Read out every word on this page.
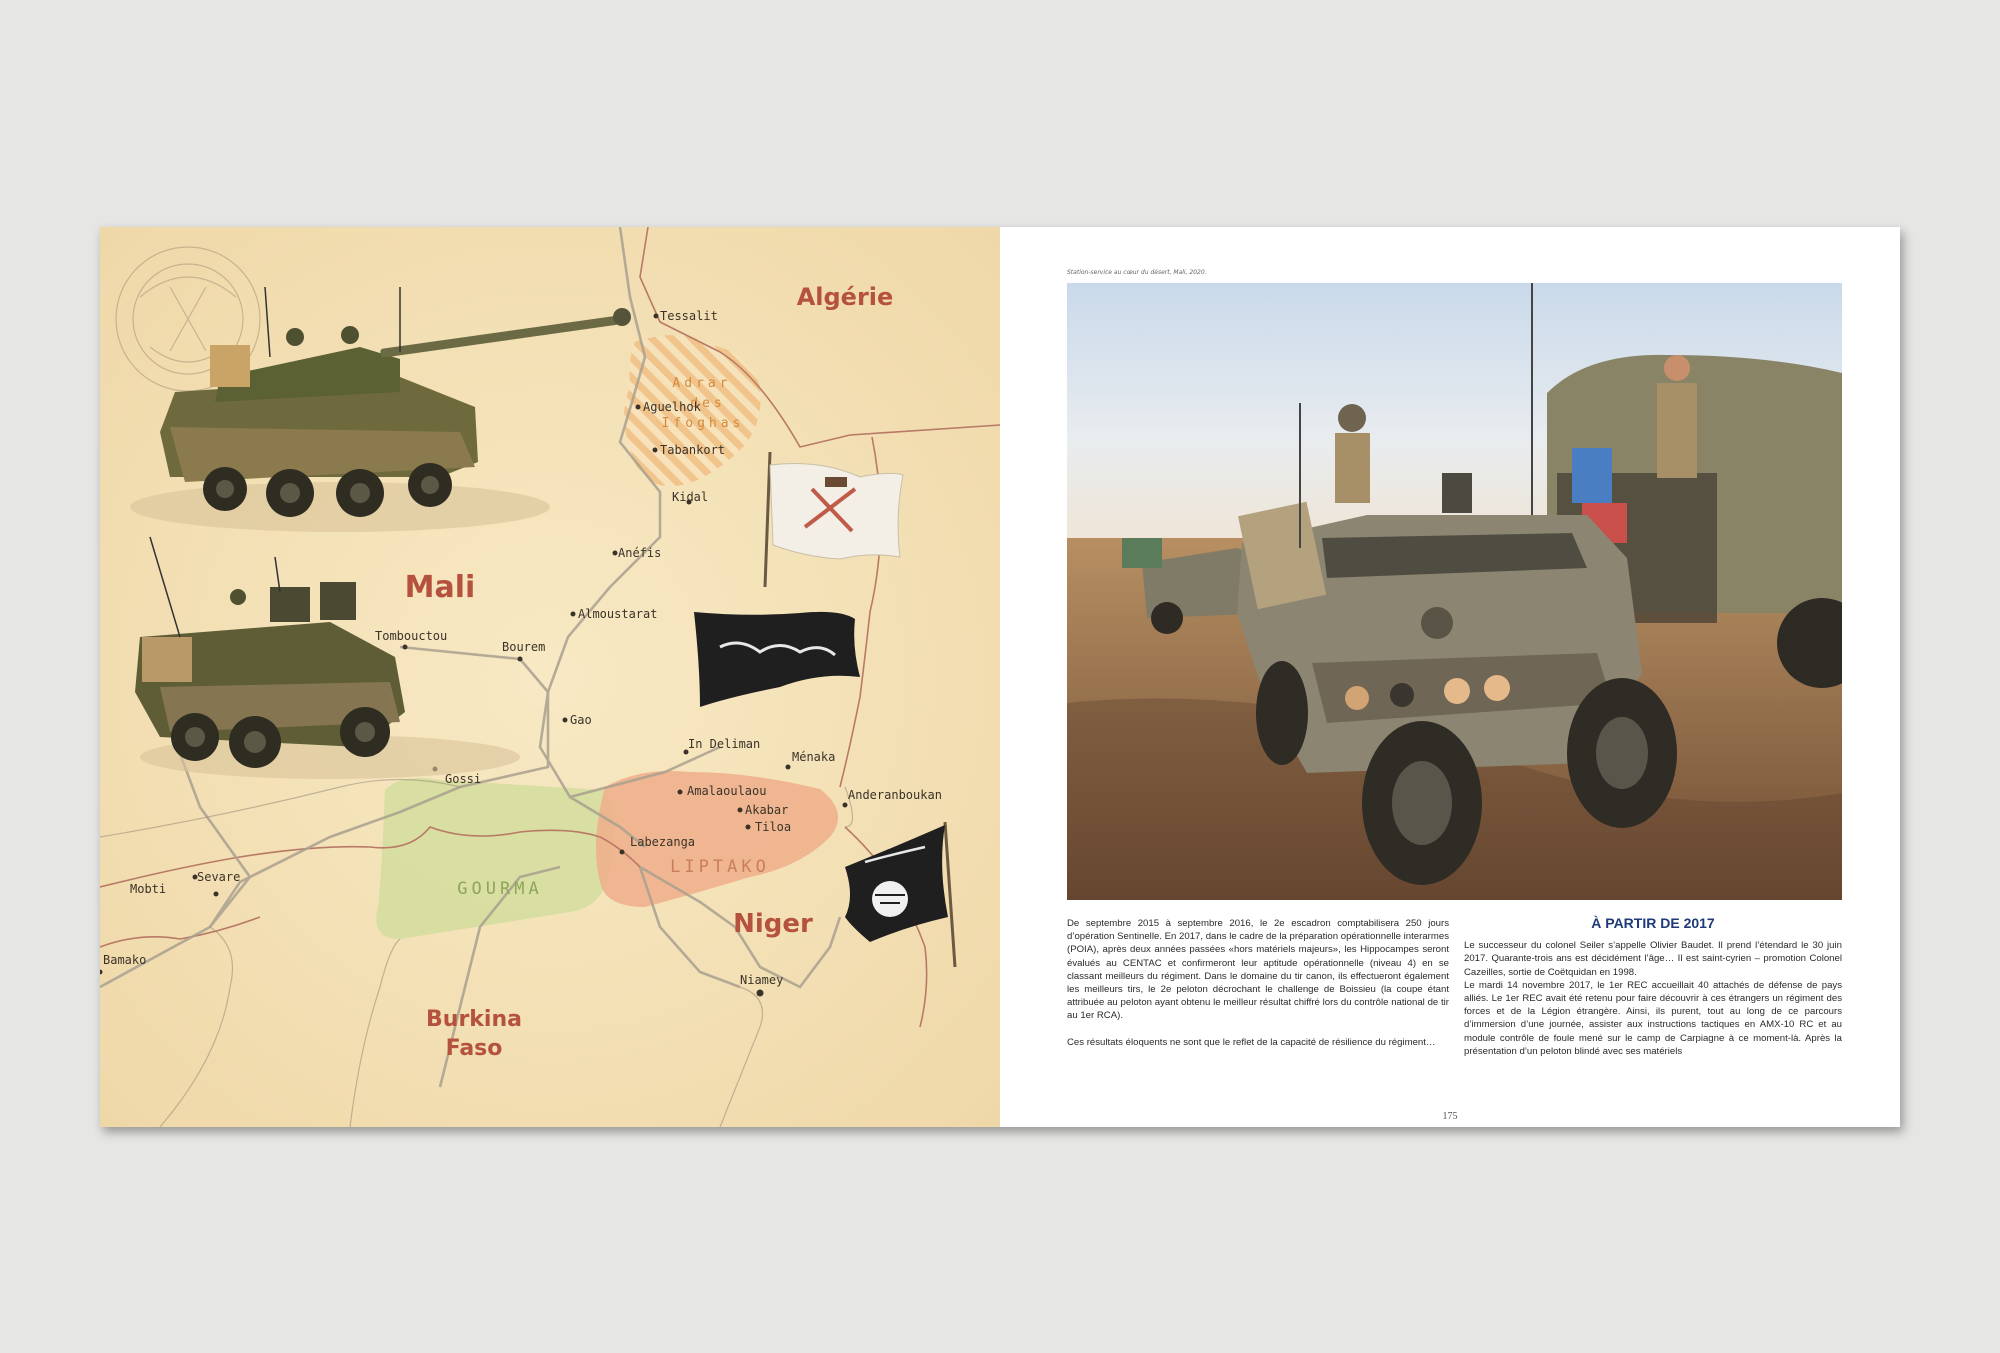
Algérie
Mali
Niger
Burkina
Faso
Adrar
des
Ifoghas
GOURMA
LIPTAKO
Tessalit
Aguelhok
Tabankort
Kidal
Anéfis
Almoustarat
Tombouctou
Bourem
Gao
In Deliman
Ménaka
Gossi
Amalaoulaou
Akabar
Anderanboukan
Tiloa
Labezanga
Mobti
Sevare
Bamako
Niamey
Station-service au cœur du désert, Mali, 2020.

De septembre 2015 à septembre 2016, le 2e escadron comptabilisera 250 jours d’opération Sentinelle. En 2017, dans le cadre de la préparation opérationnelle interarmes (POIA), après deux années passées «hors matériels majeurs», les Hippocampes seront évalués au CENTAC et confirmeront leur aptitude opérationnelle (niveau 4) en se classant meilleurs du régiment. Dans le domaine du tir canon, ils effectueront également les meilleurs tirs, le 2e peloton décrochant le challenge de Boissieu (la coupe étant attribuée au peloton ayant obtenu le meilleur résultat chiffré lors du contrôle national de tir au 1er RCA).

Ces résultats éloquents ne sont que le reflet de la capacité de résilience du régiment…

À PARTIR DE 2017

Le successeur du colonel Seiler s’appelle Olivier Baudet. Il prend l’étendard le 30 juin 2017. Quarante-trois ans est décidément l’âge… Il est saint-cyrien – promotion Colonel Cazeilles, sortie de Coëtquidan en 1998.

Le mardi 14 novembre 2017, le 1er REC accueillait 40 attachés de défense de pays alliés. Le 1er REC avait été retenu pour faire découvrir à ces étrangers un régiment des forces et de la Légion étrangère. Ainsi, ils purent, tout au long de ce parcours d’immersion d’une journée, assister aux instructions tactiques en AMX-10 RC et au module contrôle de foule mené sur le camp de Carpiagne à ce moment-là. Après la présentation d’un peloton blindé avec ses matériels

175
